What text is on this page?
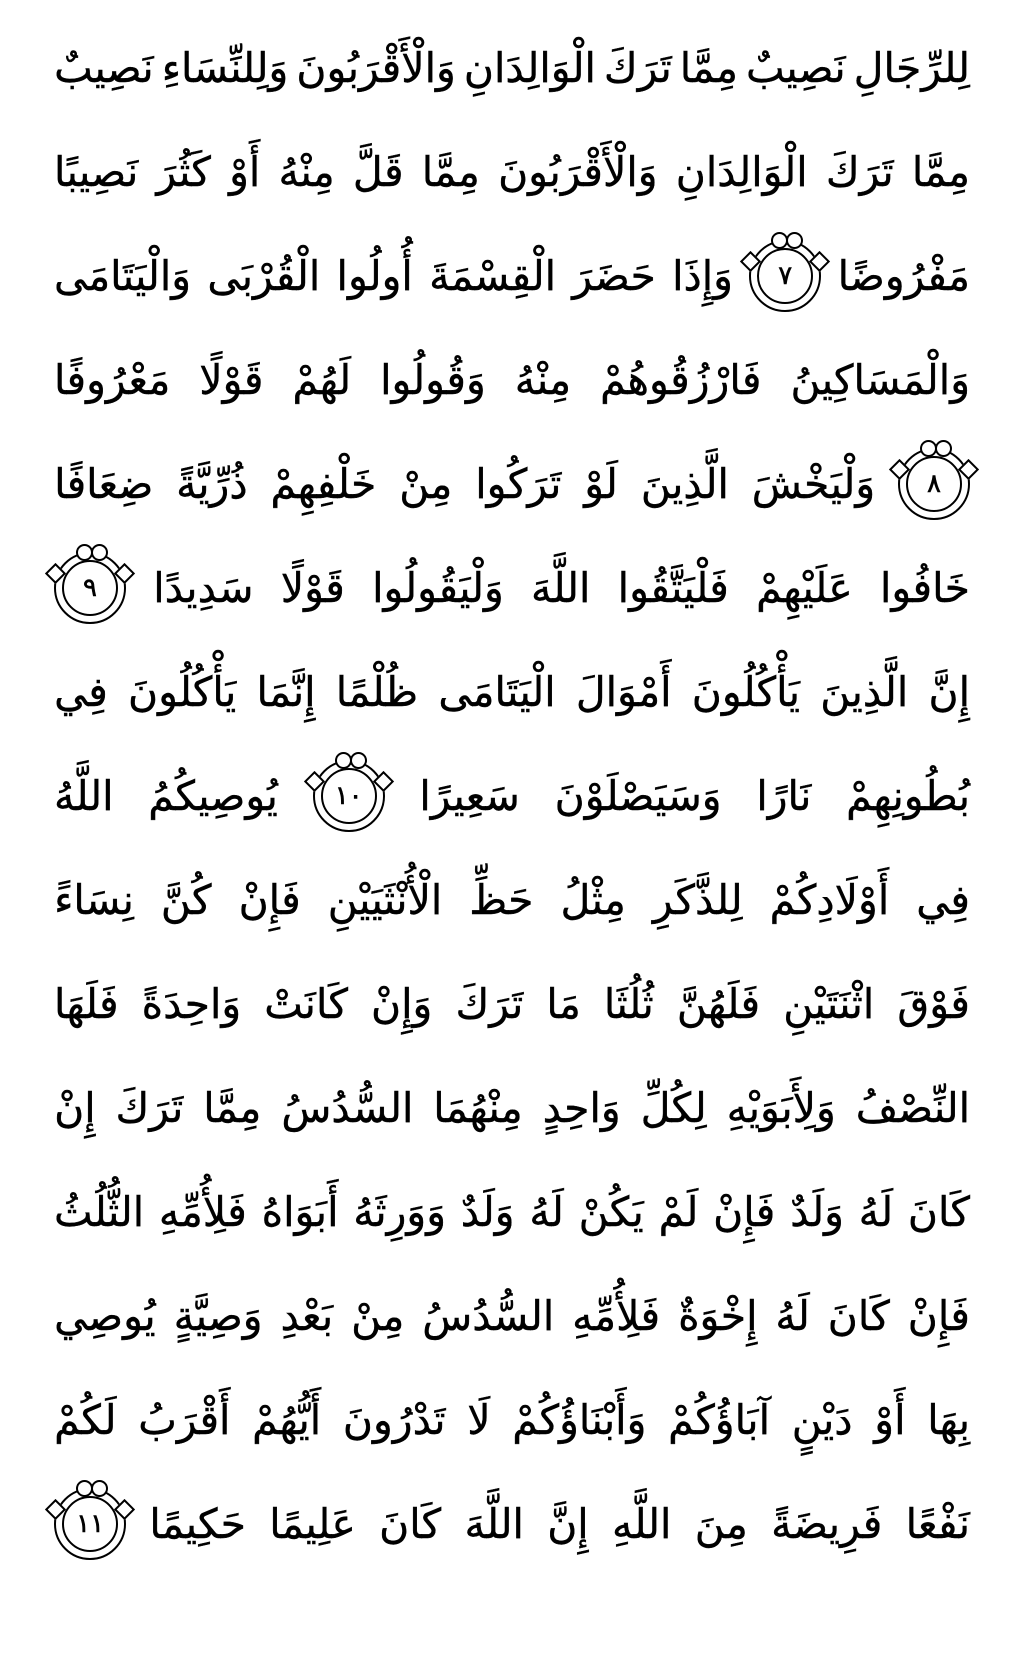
لِلرِّجَالِ
نَصِيبٌ
مِمَّا
تَرَكَ
الْوَالِدَانِ
وَالْأَقْرَبُونَ
وَلِلنِّسَاءِ
نَصِيبٌ
مِمَّا
تَرَكَ
الْوَالِدَانِ
وَالْأَقْرَبُونَ
مِمَّا
قَلَّ
مِنْهُ
أَوْ
كَثُرَ
نَصِيبًا
مَفْرُوضًا
٧
وَإِذَا
حَضَرَ
الْقِسْمَةَ
أُولُوا
الْقُرْبَى
وَالْيَتَامَى
وَالْمَسَاكِينُ
فَارْزُقُوهُمْ
مِنْهُ
وَقُولُوا
لَهُمْ
قَوْلًا
مَعْرُوفًا
٨
وَلْيَخْشَ
الَّذِينَ
لَوْ
تَرَكُوا
مِنْ
خَلْفِهِمْ
ذُرِّيَّةً
ضِعَافًا
خَافُوا
عَلَيْهِمْ
فَلْيَتَّقُوا
اللَّهَ
وَلْيَقُولُوا
قَوْلًا
سَدِيدًا
٩
إِنَّ
الَّذِينَ
يَأْكُلُونَ
أَمْوَالَ
الْيَتَامَى
ظُلْمًا
إِنَّمَا
يَأْكُلُونَ
فِي
بُطُونِهِمْ
نَارًا
وَسَيَصْلَوْنَ
سَعِيرًا
١٠
يُوصِيكُمُ
اللَّهُ
فِي
أَوْلَادِكُمْ
لِلذَّكَرِ
مِثْلُ
حَظِّ
الْأُنْثَيَيْنِ
فَإِنْ
كُنَّ
نِسَاءً
فَوْقَ
اثْنَتَيْنِ
فَلَهُنَّ
ثُلُثَا
مَا
تَرَكَ
وَإِنْ
كَانَتْ
وَاحِدَةً
فَلَهَا
النِّصْفُ
وَلِأَبَوَيْهِ
لِكُلِّ
وَاحِدٍ
مِنْهُمَا
السُّدُسُ
مِمَّا
تَرَكَ
إِنْ
كَانَ
لَهُ
وَلَدٌ
فَإِنْ
لَمْ
يَكُنْ
لَهُ
وَلَدٌ
وَوَرِثَهُ
أَبَوَاهُ
فَلِأُمِّهِ
الثُّلُثُ
فَإِنْ
كَانَ
لَهُ
إِخْوَةٌ
فَلِأُمِّهِ
السُّدُسُ
مِنْ
بَعْدِ
وَصِيَّةٍ
يُوصِي
بِهَا
أَوْ
دَيْنٍ
آبَاؤُكُمْ
وَأَبْنَاؤُكُمْ
لَا
تَدْرُونَ
أَيُّهُمْ
أَقْرَبُ
لَكُمْ
نَفْعًا
فَرِيضَةً
مِنَ
اللَّهِ
إِنَّ
اللَّهَ
كَانَ
عَلِيمًا
حَكِيمًا
١١
